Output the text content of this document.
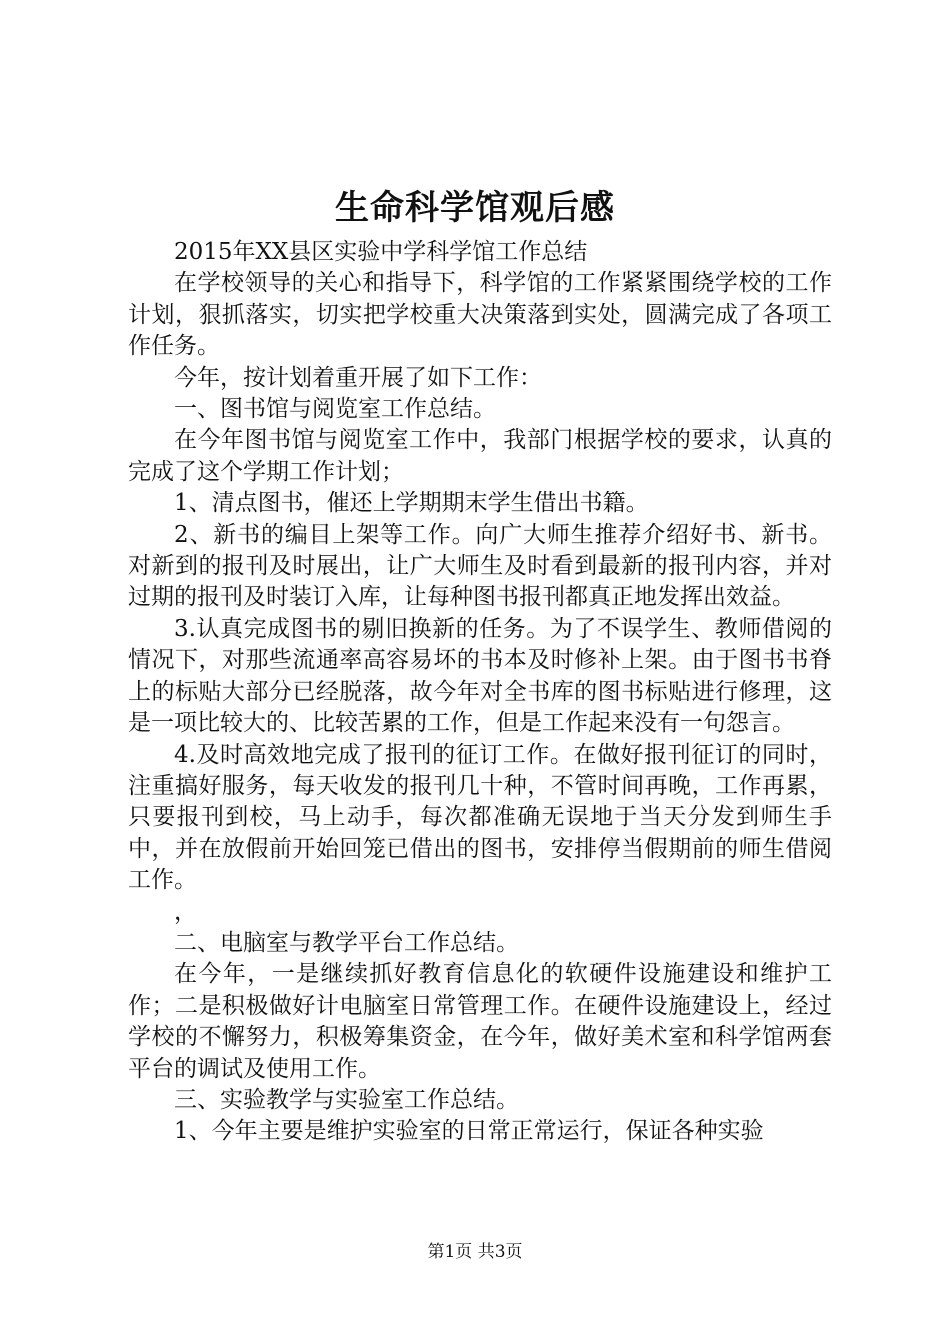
生命科学馆观后感

2015年XX县区实验中学科学馆工作总结

在学校领导的关心和指导下，科学馆的工作紧紧围绕学校的工作计划，狠抓落实，切实把学校重大决策落到实处，圆满完成了各项工作任务。

今年，按计划着重开展了如下工作：

一、图书馆与阅览室工作总结。

在今年图书馆与阅览室工作中，我部门根据学校的要求，认真的完成了这个学期工作计划；

1、清点图书，催还上学期期末学生借出书籍。

2、新书的编目上架等工作。向广大师生推荐介绍好书、新书。对新到的报刊及时展出，让广大师生及时看到最新的报刊内容，并对过期的报刊及时装订入库，让每种图书报刊都真正地发挥出效益。

3.认真完成图书的剔旧换新的任务。为了不误学生、教师借阅的情况下，对那些流通率高容易坏的书本及时修补上架。由于图书书脊上的标贴大部分已经脱落，故今年对全书库的图书标贴进行修理，这是一项比较大的、比较苦累的工作，但是工作起来没有一句怨言。

4.及时高效地完成了报刊的征订工作。在做好报刊征订的同时，注重搞好服务，每天收发的报刊几十种，不管时间再晚，工作再累，只要报刊到校，马上动手，每次都准确无误地于当天分发到师生手中，并在放假前开始回笼已借出的图书，安排停当假期前的师生借阅工作。

，

二、电脑室与教学平台工作总结。

在今年，一是继续抓好教育信息化的软硬件设施建设和维护工作；二是积极做好计电脑室日常管理工作。在硬件设施建设上，经过学校的不懈努力，积极筹集资金，在今年，做好美术室和科学馆两套平台的调试及使用工作。

三、实验教学与实验室工作总结。

1、今年主要是维护实验室的日常正常运行，保证各种实验

第1页 共3页
